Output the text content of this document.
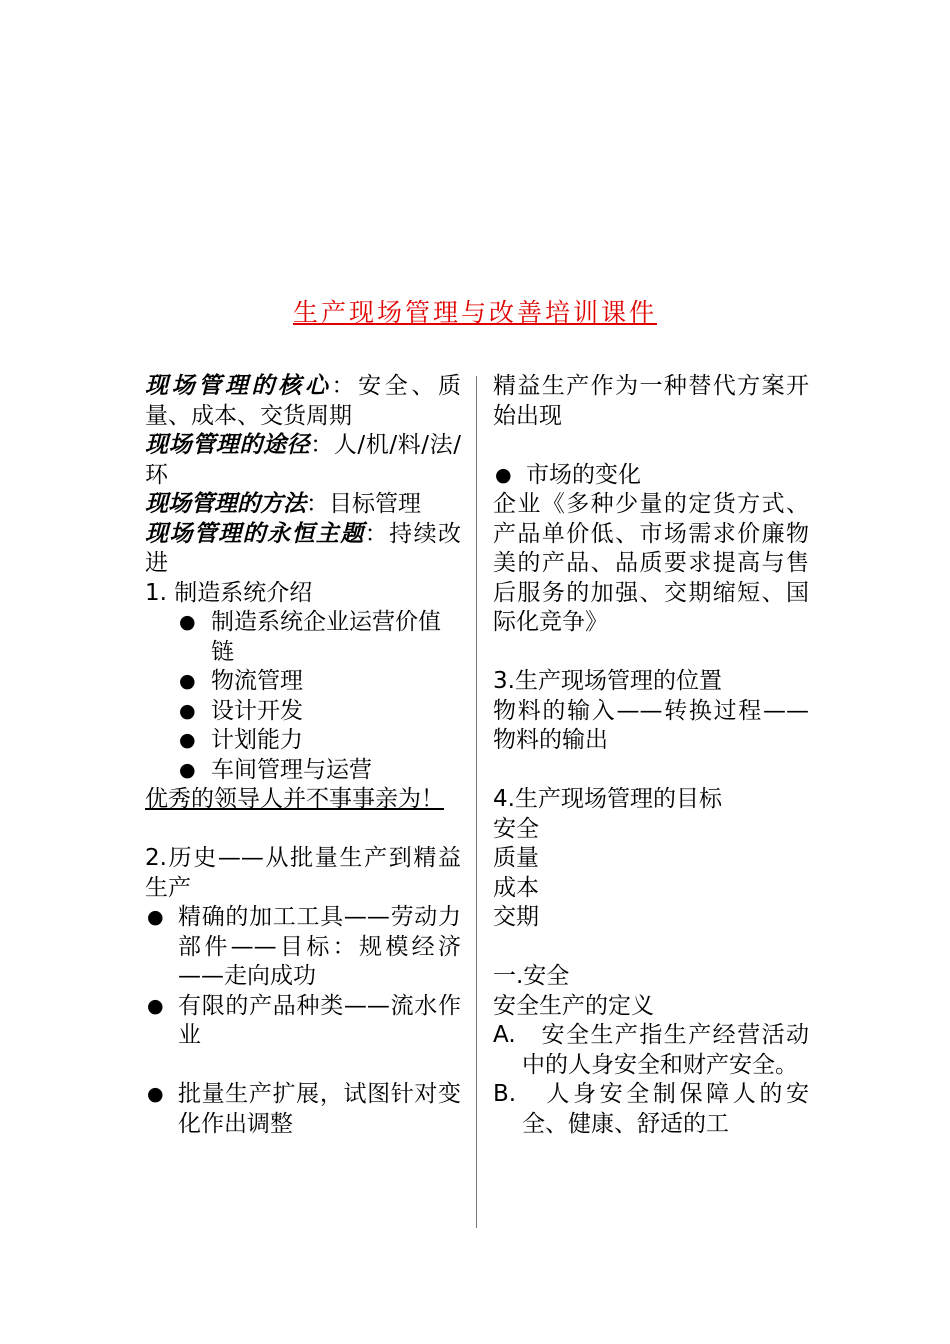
生产现场管理与改善培训课件

现场管理的核心：安全、质量、成本、交货周期

现场管理的途径：人/机/料/法/环

现场管理的方法：目标管理

现场管理的永恒主题：持续改进

1. 制造系统介绍

● 制造系统企业运营价值链

● 物流管理

● 设计开发

● 计划能力

● 车间管理与运营

优秀的领导人并不事事亲为！

2.历史——从批量生产到精益生产

● 精确的加工工具——劳动力部件——目标：规模经济——走向成功

● 有限的产品种类——流水作业

● 批量生产扩展，试图针对变化作出调整

精益生产作为一种替代方案开始出现

● 市场的变化

企业《多种少量的定货方式、产品单价低、市场需求价廉物美的产品、品质要求提高与售后服务的加强、交期缩短、国际化竞争》

3.生产现场管理的位置

物料的输入——转换过程——物料的输出

4.生产现场管理的目标

安全

质量

成本

交期

一.安全

安全生产的定义

A.　 安全生产指生产经营活动中的人身安全和财产安全。

B.　 人身安全制保障人的安全、健康、舒适的工
